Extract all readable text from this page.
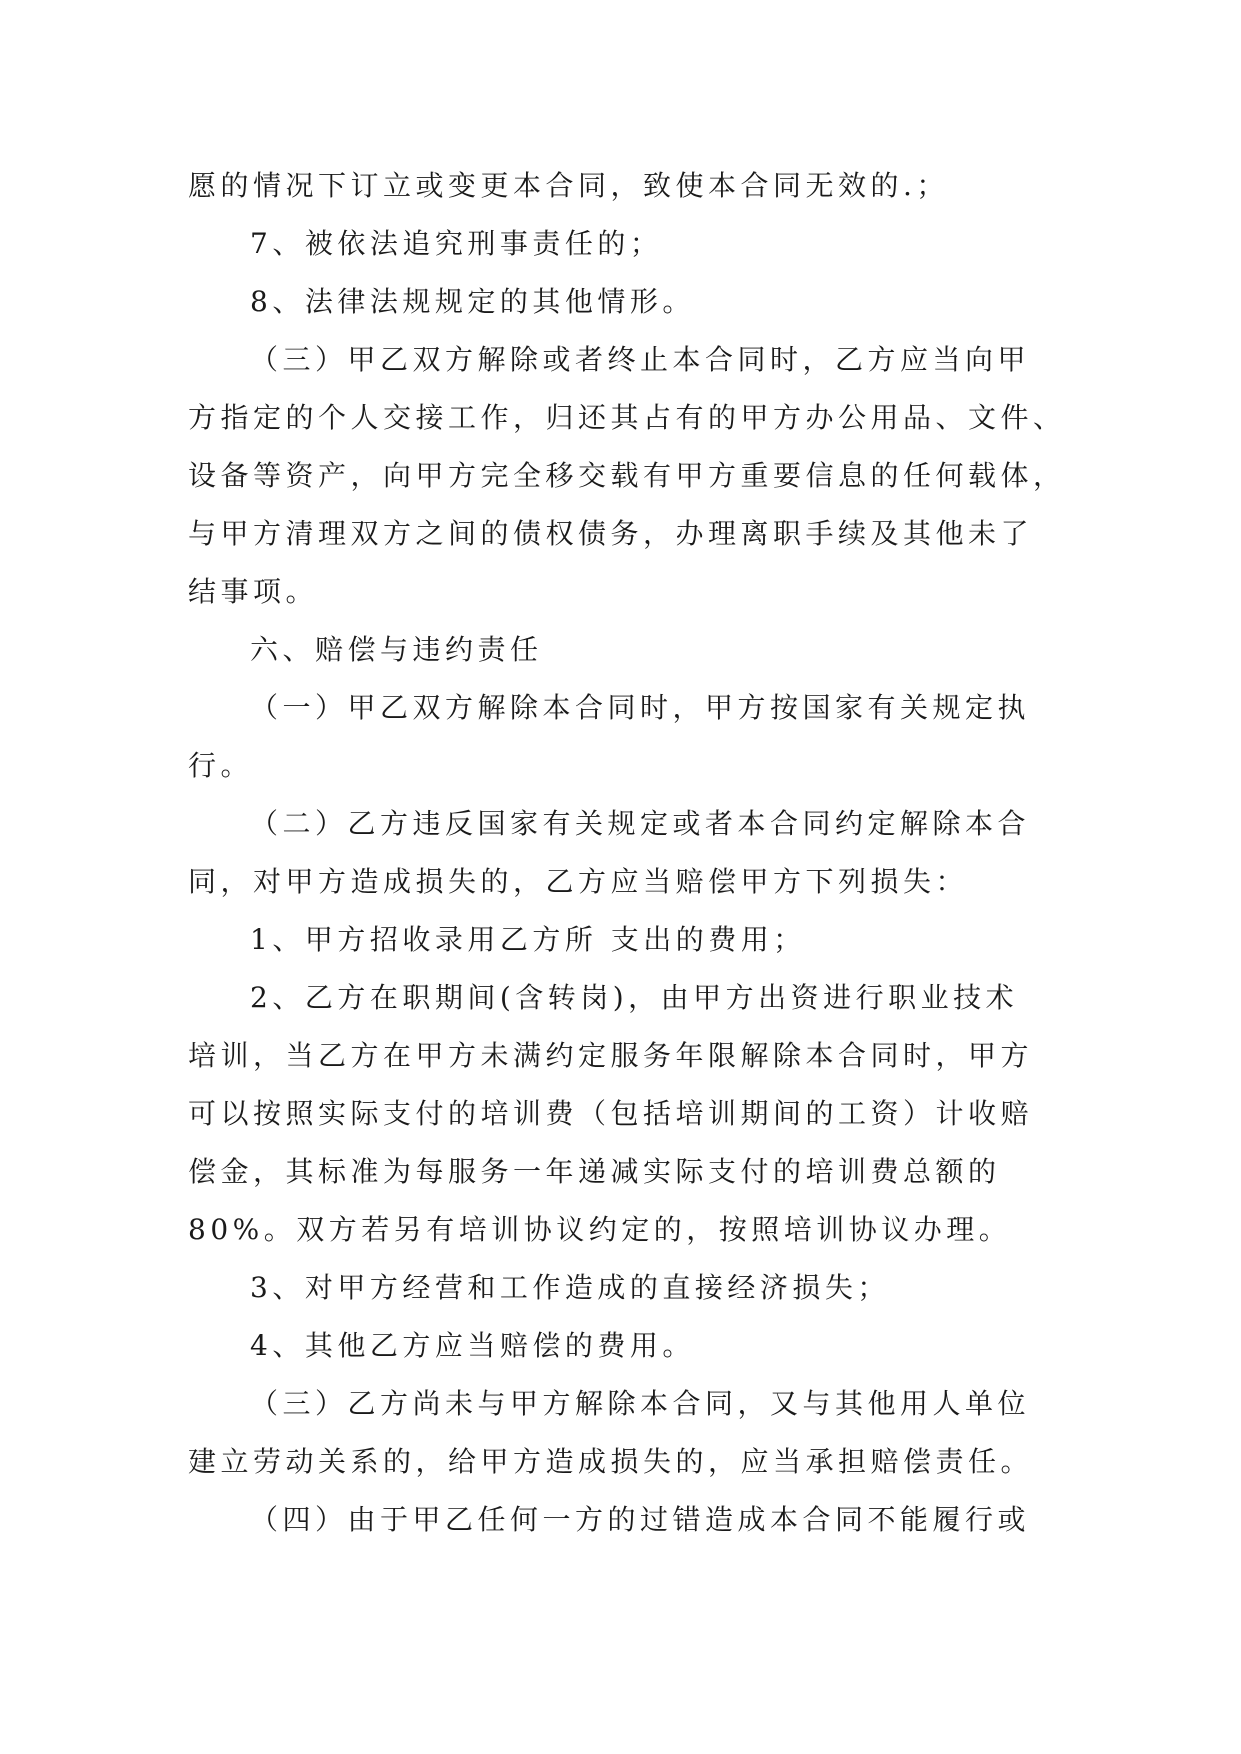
愿的情况下订立或变更本合同，致使本合同无效的.；
7、被依法追究刑事责任的；
8、法律法规规定的其他情形。
（三）甲乙双方解除或者终止本合同时，乙方应当向甲
方指定的个人交接工作，归还其占有的甲方办公用品、文件、
设备等资产，向甲方完全移交载有甲方重要信息的任何载体，
与甲方清理双方之间的债权债务，办理离职手续及其他未了
结事项。
六、赔偿与违约责任
（一）甲乙双方解除本合同时，甲方按国家有关规定执
行。
（二）乙方违反国家有关规定或者本合同约定解除本合
同，对甲方造成损失的，乙方应当赔偿甲方下列损失：
1、甲方招收录用乙方所 支出的费用；
2、乙方在职期间(含转岗)，由甲方出资进行职业技术
培训，当乙方在甲方未满约定服务年限解除本合同时，甲方
可以按照实际支付的培训费（包括培训期间的工资）计收赔
偿金，其标准为每服务一年递减实际支付的培训费总额的
80%。双方若另有培训协议约定的，按照培训协议办理。
3、对甲方经营和工作造成的直接经济损失；
4、其他乙方应当赔偿的费用。
（三）乙方尚未与甲方解除本合同，又与其他用人单位
建立劳动关系的，给甲方造成损失的，应当承担赔偿责任。
（四）由于甲乙任何一方的过错造成本合同不能履行或
